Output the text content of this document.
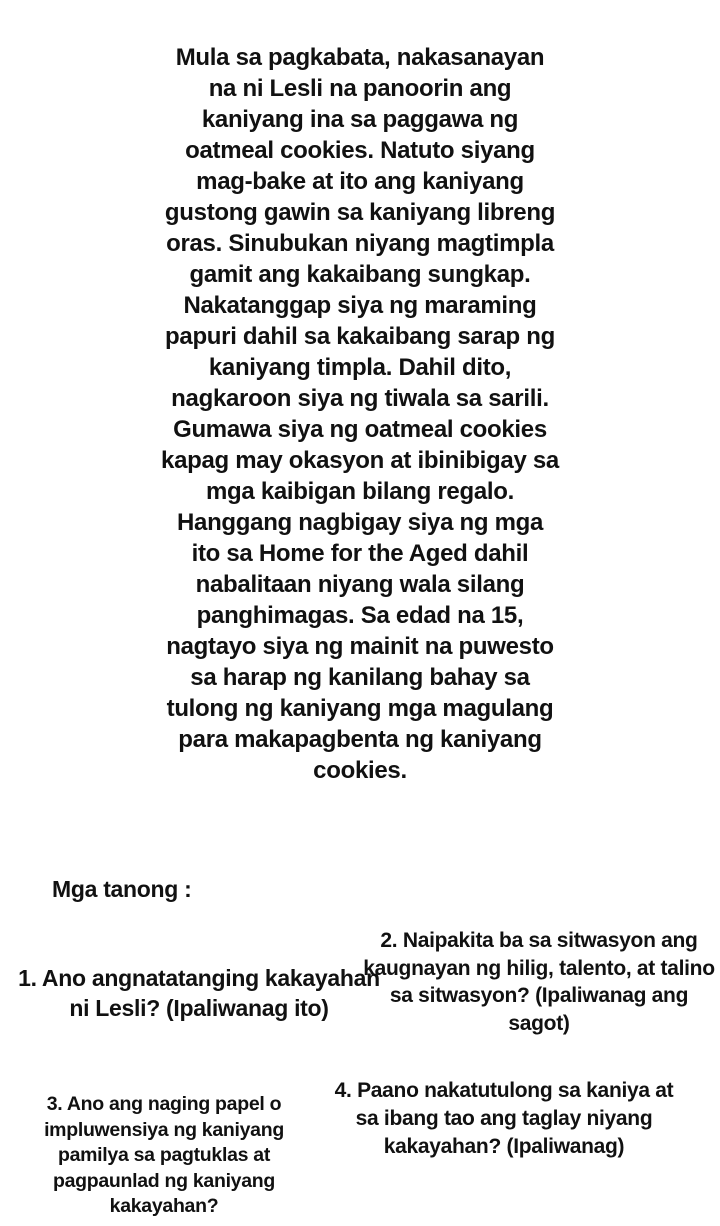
Mula sa pagkabata, nakasanayan na ni Lesli na panoorin ang kaniyang ina sa paggawa ng oatmeal cookies. Natuto siyang mag-bake at ito ang kaniyang gustong gawin sa kaniyang libreng oras. Sinubukan niyang magtimpla gamit ang kakaibang sungkap. Nakatanggap siya ng maraming papuri dahil sa kakaibang sarap ng kaniyang timpla. Dahil dito, nagkaroon siya ng tiwala sa sarili. Gumawa siya ng oatmeal cookies kapag may okasyon at ibinibigay sa mga kaibigan bilang regalo. Hanggang nagbigay siya ng mga ito sa Home for the Aged dahil nabalitaan niyang wala silang panghimagas. Sa edad na 15, nagtayo siya ng mainit na puwesto sa harap ng kanilang bahay sa tulong ng kaniyang mga magulang para makapagbenta ng kaniyang cookies.
Mga tanong :
1. Ano angnatatanging kakayahan ni Lesli? (Ipaliwanag ito)
2. Naipakita ba sa sitwasyon ang kaugnayan ng hilig, talento, at talino sa sitwasyon? (Ipaliwanag ang sagot)
3. Ano ang naging papel o impluwensiya ng kaniyang pamilya sa pagtuklas at pagpaunlad ng kaniyang kakayahan?
4. Paano nakatutulong sa kaniya at sa ibang tao ang taglay niyang kakayahan? (Ipaliwanag)
